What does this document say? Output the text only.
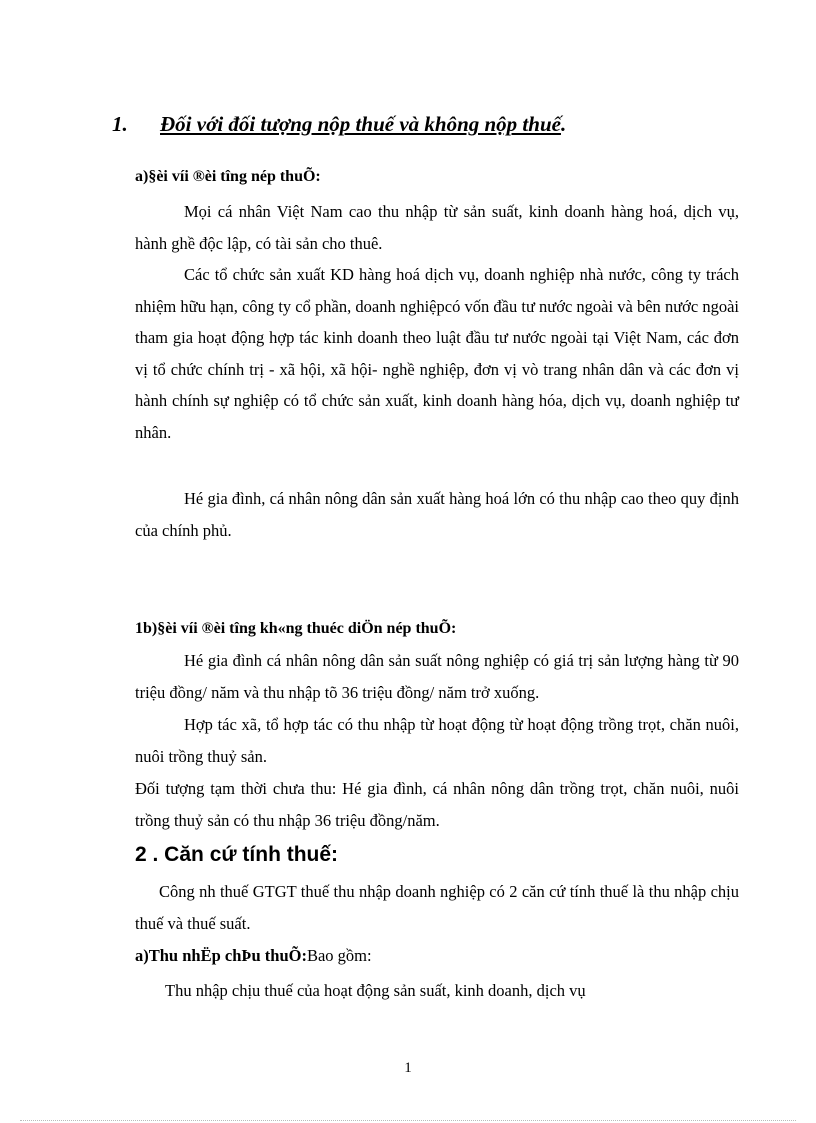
1. Đối với đối tượng nộp thuế và không nộp thuế.
a)§èi víi ®èi tîng nép thuÕ:

Mọi cá nhân Việt Nam cao thu nhập từ sản suất, kinh doanh hàng hoá, dịch vụ, hành ghề độc lập, có tài sản cho thuê.

Các tổ chức sản xuất KD hàng hoá dịch vụ, doanh nghiệp nhà nước, công ty trách nhiệm hữu hạn, công ty cổ phần, doanh nghiệpcó vốn đầu tư nước ngoài và bên nước ngoài tham gia hoạt động hợp tác kinh doanh theo luật đầu tư nước ngoài tại Việt Nam, các đơn vị tổ chức chính trị - xã hội, xã hội- nghề nghiệp, đơn vị vò trang nhân dân và các đơn vị hành chính sự nghiệp có tổ chức sản xuất, kinh doanh hàng hóa, dịch vụ, doanh nghiệp tư nhân.

Hé gia đình, cá nhân nông dân sản xuất hàng hoá lớn có thu nhập cao theo quy định của chính phủ.

1b)§èi víi ®èi tîng kh«ng thuéc diÖn nép thuÕ:

Hé gia đình cá nhân nông dân sản suất nông nghiệp có giá trị sản lượng hàng từ 90 triệu đồng/ năm và thu nhập tõ 36 triệu đồng/ năm trở xuống.

Hợp tác xã, tổ hợp tác có thu nhập từ hoạt động từ hoạt động trồng trọt, chăn nuôi, nuôi trồng thuỷ sản.

Đối tượng tạm thời chưa thu: Hé gia đình, cá nhân nông dân trồng trọt, chăn nuôi, nuôi trồng thuỷ sản có thu nhập 36 triệu đồng/năm.

2 . Căn cứ tính thuế:

Công nh thuế GTGT thuế thu nhập doanh nghiệp có 2 căn cứ tính thuế là thu nhập chịu thuế và thuế suất.

a)Thu nhËp chÞu thuÕ:Bao gồm:

Thu nhập chịu thuế của hoạt động sản suất, kinh doanh, dịch vụ

1
